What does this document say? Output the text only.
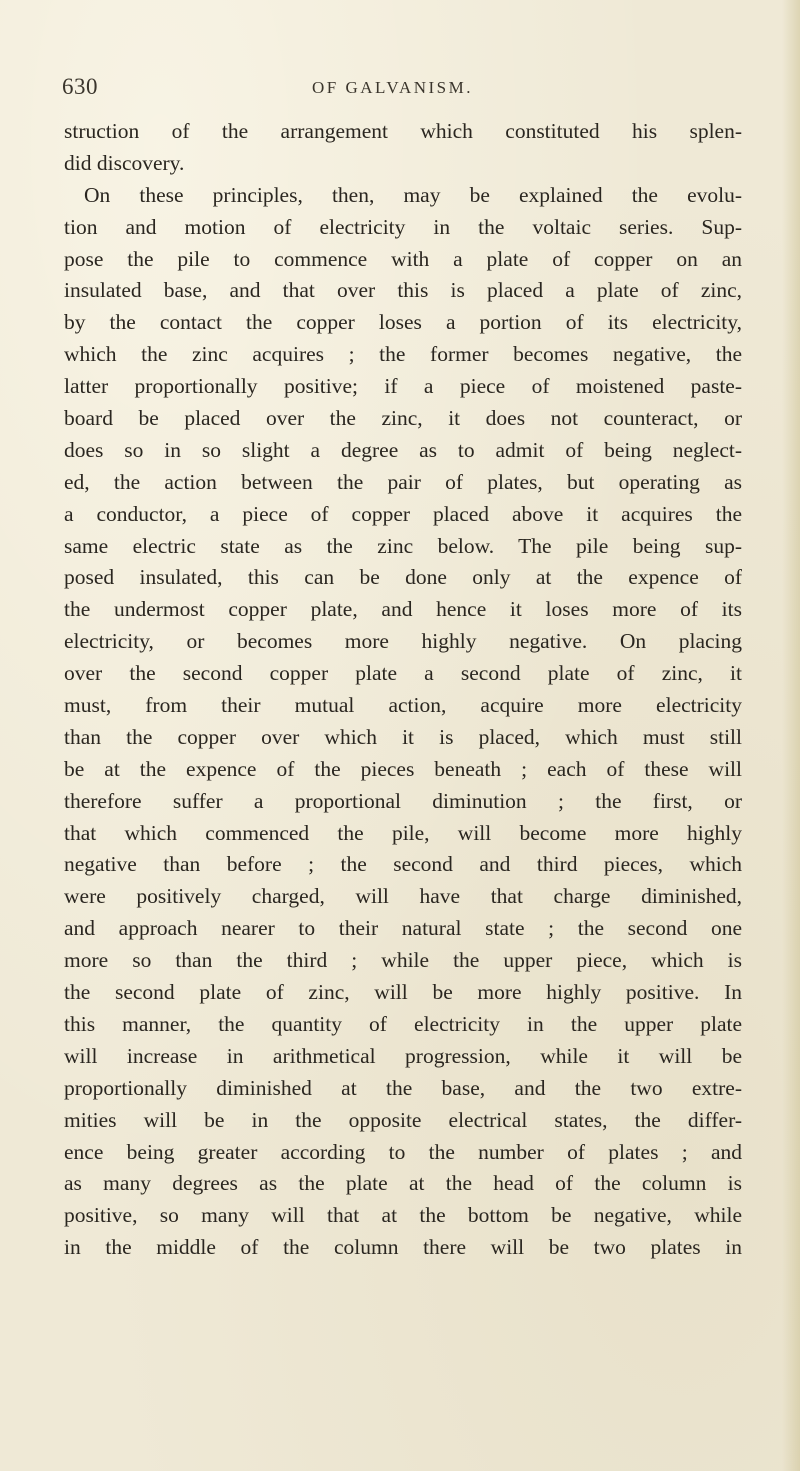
630	OF GALVANISM.
struction of the arrangement which constituted his splen-
did discovery.
On these principles, then, may be explained the evolu-
tion and motion of electricity in the voltaic series. Sup-
pose the pile to commence with a plate of copper on an
insulated base, and that over this is placed a plate of zinc,
by the contact the copper loses a portion of its electricity,
which the zinc acquires ; the former becomes negative, the
latter proportionally positive; if a piece of moistened paste-
board be placed over the zinc, it does not counteract, or
does so in so slight a degree as to admit of being neglect-
ed, the action between the pair of plates, but operating as
a conductor, a piece of copper placed above it acquires the
same electric state as the zinc below. The pile being sup-
posed insulated, this can be done only at the expence of
the undermost copper plate, and hence it loses more of its
electricity, or becomes more highly negative. On placing
over the second copper plate a second plate of zinc, it
must, from their mutual action, acquire more electricity
than the copper over which it is placed, which must still
be at the expence of the pieces beneath ; each of these will
therefore suffer a proportional diminution ; the first, or
that which commenced the pile, will become more highly
negative than before ; the second and third pieces, which
were positively charged, will have that charge diminished,
and approach nearer to their natural state ; the second one
more so than the third ; while the upper piece, which is
the second plate of zinc, will be more highly positive. In
this manner, the quantity of electricity in the upper plate
will increase in arithmetical progression, while it will be
proportionally diminished at the base, and the two extre-
mities will be in the opposite electrical states, the differ-
ence being greater according to the number of plates ; and
as many degrees as the plate at the head of the column is
positive, so many will that at the bottom be negative, while
in the middle of the column there will be two plates in
